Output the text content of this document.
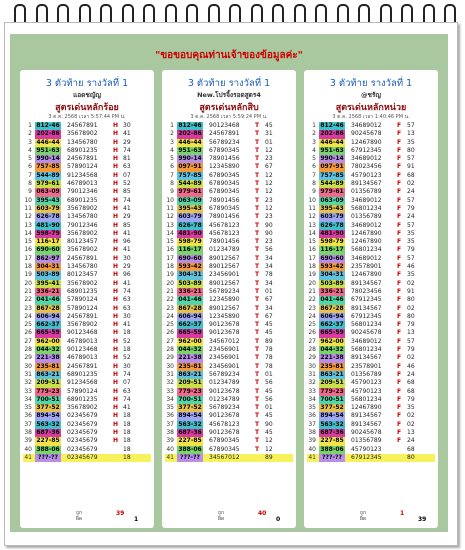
"ขอขอบคุณท่านเจ้าของข้อมูลค่ะ"
3 ตัวท้าย รางวัลที่ 1
แอดชญัญ
สูตรเด่นหลักร้อย
3 ต.ค. 2568 เวลา 5:57:44 PM น.
1 812-46 24567891	H 30
2 202-86 35678902	H 41
3 446-44 13456780	H 29
4 951-63 68901235	H 74
5 990-14 24567891	H 81
6 757-85 57890124	H 63
7 544-89 91234568	H 07
8 979-61 46789013	H 52
9 063-09 79012346	H 85
10 395-43 68901235	H 74
11 603-79 35678902	H 41
12 626-78 13456780	H 29
13 481-90 79012346	H 85
14 598-79 35678902	H 41
15 116-17 80123457	H 96
16 690-60 35678902	H 41
17 862-97 24567891	H 30
18 304-31 13456780	H 29
19 503-89 80123457	H 96
20 395-41 35678902	H 41
21 336-21 68901235	H 74
22 041-46 57890124	H 63
23 867-28 57890124	H 63
24 606-94 24567891	H 30
25 662-37 35678902	H 41
26 665-59 90123468	H 18
27 962-00 46789013	H 52
28 044-32 90123468	H 18
29 221-38 46789013	H 52
30 235-81 24567891	H 30
31 863-21 68901235	H 74
32 209-51 91234568	H 07
33 779-23 57890124	H 63
34 700-51 68901235	H 74
35 377-52 35678902	H 41
36 894-54 02345679	H 18
37 563-32 02345679	H 18
38 687-36 02345679	H 18
39 227-85 02345679	H 18
40 388-06 02345679	18
41	???-??	02345679	18
ถูก
ผิด
39
1
3 ตัวท้าย รางวัลที่ 1
New.โปรจิ้งรอดสูตร4
สูตรเด่นหลักสิบ
3 ต.ค. 2568 เวลา 5:59:24 PM น.
1 812-46 90123468	T 45
2 202-86 24567891	T 31
3 446-44 56789234	T 01
4 951-63 67890345	T 12
5 990-14 78901456	T 23
6 097-91 12345890	T 67
7 757-85 67890345	T 12
8 544-89 67890345	T 12
9 979-61 67890345	T 12
10 063-09 78901456	T 23
11 395-43 67890345	T 12
12 603-79 78901456	T 23
13 626-78 45678123	T 90
14 481-90 45678123	T 90
15 598-79 78901456	T 23
16 116-17 01234789	T 56
17 690-60 89012567	T 34
18 593-42 89012567	T 34
19 304-31 23456901	T 78
20 503-89 89012567	T 34
21 336-21 56789234	T 01
22 041-46 12345890	T 67
23 867-28 89012567	T 34
24 606-94 12345890	T 67
25 662-37 90123678	T 45
26 665-59 90123678	T 45
27 962-00 34567012	T 89
28 044-32 23456901	T 78
29 221-38 23456901	T 78
30 235-81 23456901	T 78
31 863-21 56789234	T 01
32 209-51 01234789	T 56
33 779-23 90123678	T 45
34 700-51 01234789	T 56
35 377-52 56789234	T 01
36 894-54 90123678	T 45
37 563-32 45678123	T 90
38 687-36 90123678	T 45
39 227-85 67890345	T 12
40 388-06 67890345	T 12
41	???-??	34567012	89
ถูก
ผิด
40
0
3 ตัวท้าย รางวัลที่ 1
@ชรัญ
สูตรเด่นหลักหน่วย
3 ต.ค. 2568 เวลา 1:40:46 PM น.
1 812-46 34689012	F 57
2 202-86 90245678	F 13
3 446-44 12467890	F 35
4 951-63 67912345	F 80
5 990-14 34689012	F 57
6 097-91 78023456	F 91
7 757-85 45790123	F 68
8 544-89 89134567	F 02
9 979-61 01356789	F 24
10 063-09 34689012	F 57
11 395-43 56801234	F 79
12 603-79 01356789	F 24
13 626-78 34689012	F 57
14 481-90 12467890	F 35
15 598-79 12467890	F 35
16 116-17 56801234	F 79
17 690-60 34689012	F 57
18 593-42 23578901	F 46
19 304-31 12467890	F 35
20 503-89 89134567	F 02
21 336-21 78023456	F 91
22 041-46 67912345	F 80
23 867-28 89134567	F 02
24 606-94 67912345	F 80
25 662-37 56801234	F 79
26 665-59 90245678	F 13
27 962-00 34689012	F 57
28 044-32 56801234	F 79
29 221-38 89134567	F 02
30 235-81 23578901	F 46
31 863-21 01356789	F 24
32 209-51 45790123	F 68
33 779-23 45790123	F 68
34 700-51 56801234	F 79
35 377-52 12467890	F 35
36 894-54 89134567	F 02
37 563-32 89134567	F 02
38 687-36 90245678	F 13
39 227-85 01356789	F 24
40 388-06 45790123	68
41	???-??	67912345	80
ถูก
ผิด
1
39
